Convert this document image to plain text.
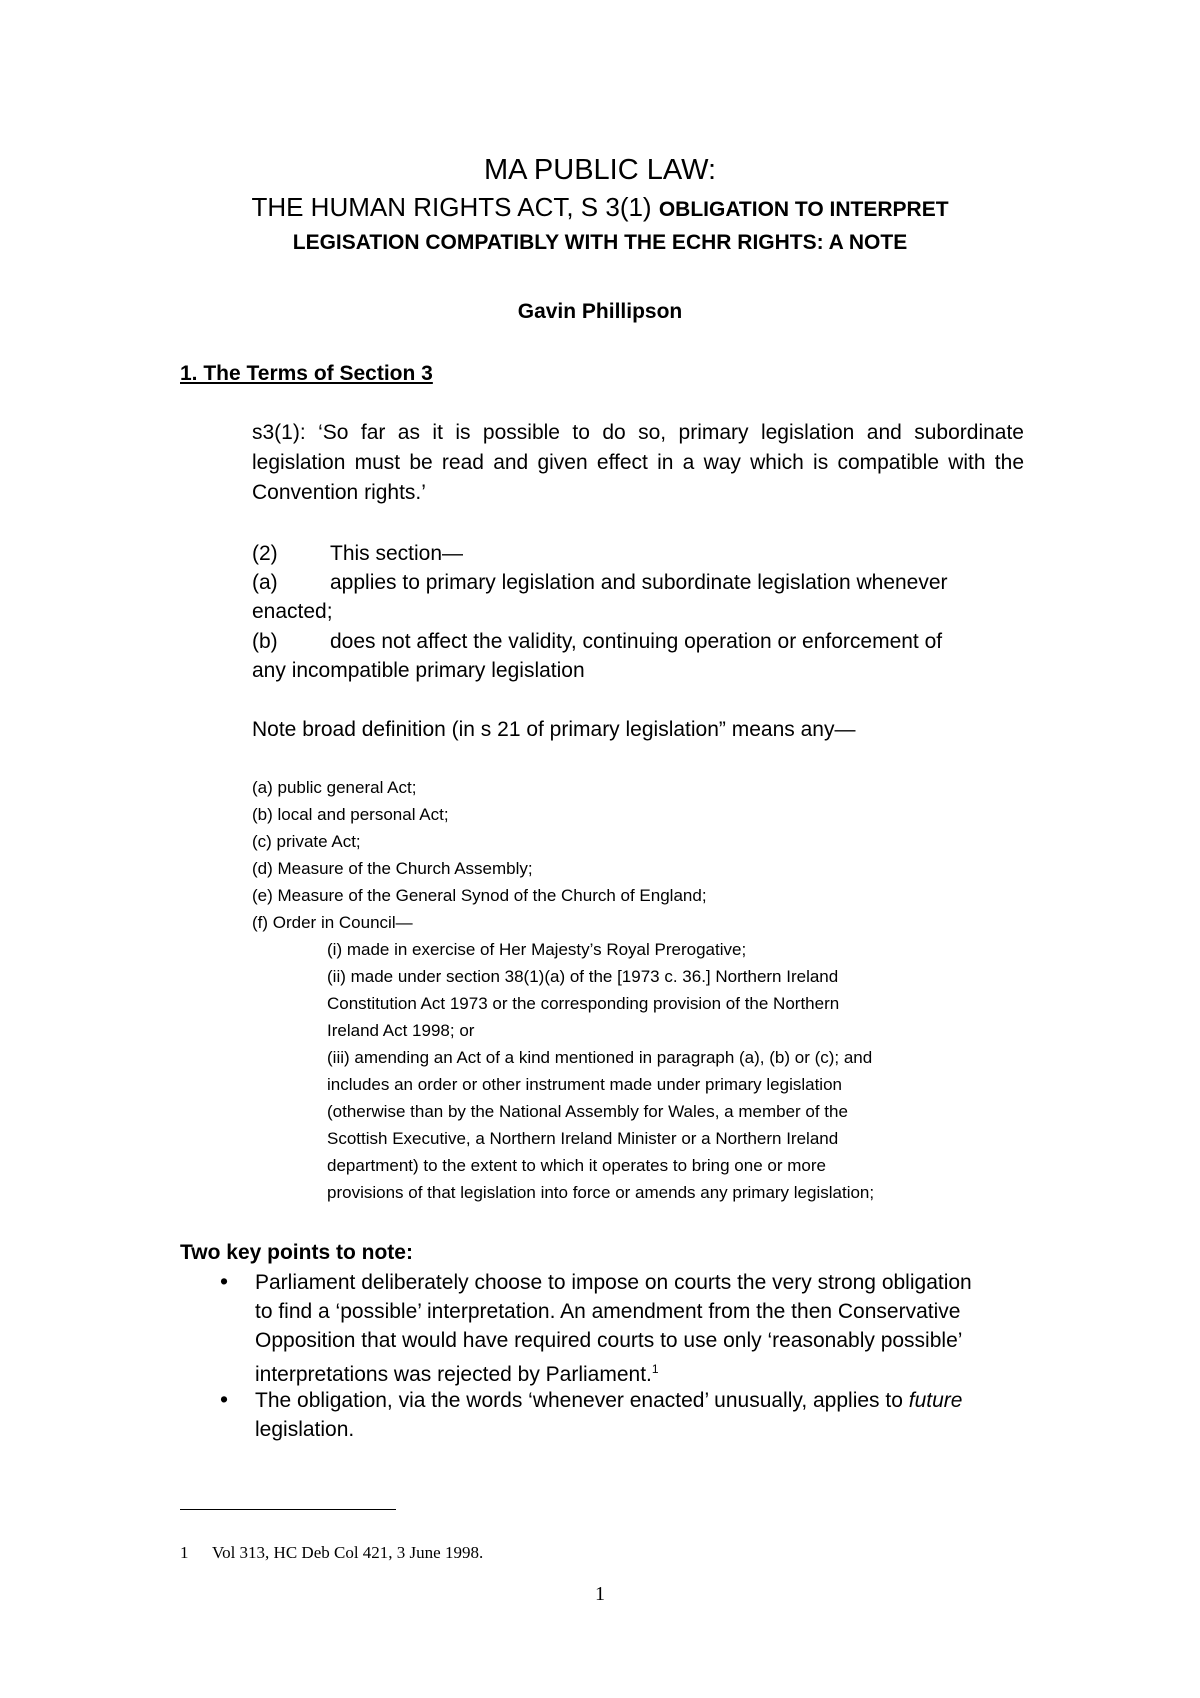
MA PUBLIC LAW:
THE HUMAN RIGHTS ACT, S 3(1) OBLIGATION TO INTERPRET
LEGISATION COMPATIBLY WITH THE ECHR RIGHTS: A NOTE
Gavin Phillipson
1. The Terms of Section 3
s3(1): ‘So far as it is possible to do so, primary legislation and subordinate legislation must be read and given effect in a way which is compatible with the Convention rights.’
(2) This section—
(a) applies to primary legislation and subordinate legislation whenever
enacted;
(b) does not affect the validity, continuing operation or enforcement of
any incompatible primary legislation
Note broad definition (in s 21 of primary legislation” means any—
(a) public general Act;
(b) local and personal Act;
(c) private Act;
(d) Measure of the Church Assembly;
(e) Measure of the General Synod of the Church of England;
(f) Order in Council—
(i) made in exercise of Her Majesty’s Royal Prerogative;
(ii) made under section 38(1)(a) of the [1973 c. 36.] Northern Ireland
Constitution Act 1973 or the corresponding provision of the Northern
Ireland Act 1998; or
(iii) amending an Act of a kind mentioned in paragraph (a), (b) or (c); and
includes an order or other instrument made under primary legislation
(otherwise than by the National Assembly for Wales, a member of the
Scottish Executive, a Northern Ireland Minister or a Northern Ireland
department) to the extent to which it operates to bring one or more
provisions of that legislation into force or amends any primary legislation;
Two key points to note:
• Parliament deliberately choose to impose on courts the very strong obligation
to find a ‘possible’ interpretation. An amendment from the then Conservative
Opposition that would have required courts to use only ‘reasonably possible’
interpretations was rejected by Parliament.$^1$
• The obligation, via the words ‘whenever enacted’ unusually, applies to future
legislation.
1 Vol 313, HC Deb Col 421, 3 June 1998.
1
